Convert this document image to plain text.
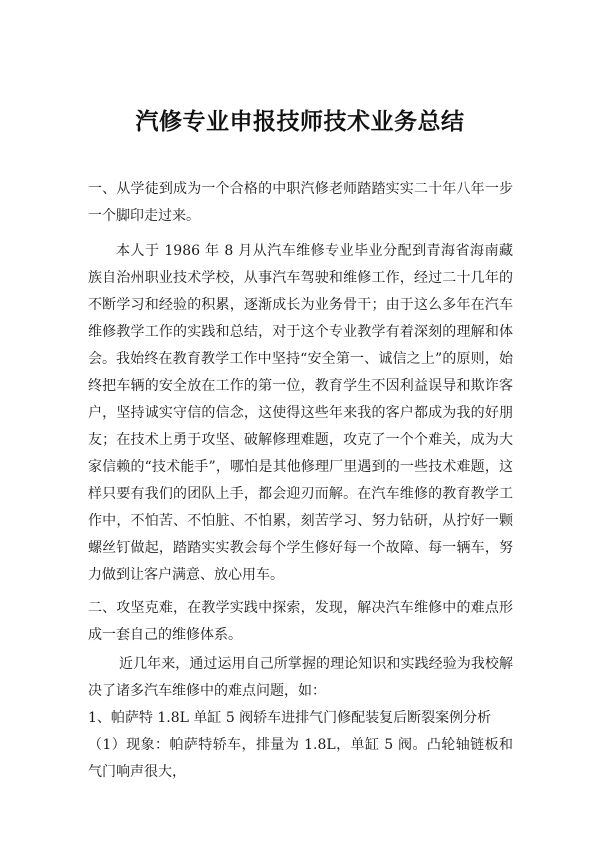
汽修专业申报技师技术业务总结

一、从学徒到成为一个合格的中职汽修老师踏踏实实二十年八年一步一个脚印走过来。

本人于 1986 年 8 月从汽车维修专业毕业分配到青海省海南藏族自治州职业技术学校，从事汽车驾驶和维修工作，经过二十几年的不断学习和经验的积累，逐渐成长为业务骨干；由于这么多年在汽车维修教学工作的实践和总结，对于这个专业教学有着深刻的理解和体会。 我始终在教育教学工作中坚持“安全第一、诚信之上”的原则，始终把车辆的安全放在工作的第一位，教育学生不因利益误导和欺诈客户，坚持诚实守信的信念，这使得这些年来我的客户都成为我的好朋友；在技术上勇于攻坚、破解修理难题，攻克了一个个难关，成为大家信赖的“技术能手”，哪怕是其他修理厂里遇到的一些技术难题，这样只要有我们的团队上手，都会迎刃而解。在汽车维修的教育教学工作中，不怕苦、不怕脏、不怕累，刻苦学习、努力钻研，从拧好一颗螺丝钉做起，踏踏实实教会每个学生修好每一个故障、每一辆车，努力做到让客户满意、放心用车。

二、攻坚克难，在教学实践中探索，发现，解决汽车维修中的难点形成一套自己的维修体系。

近几年来，通过运用自己所掌握的理论知识和实践经验为我校解决了诸多汽车维修中的难点问题，如：

1、帕萨特 1.8L 单缸 5 阀轿车进排气门修配装复后断裂案例分析

（1）现象：帕萨特轿车，排量为 1.8L，单缸 5 阀。凸轮轴链板和气门响声很大，
